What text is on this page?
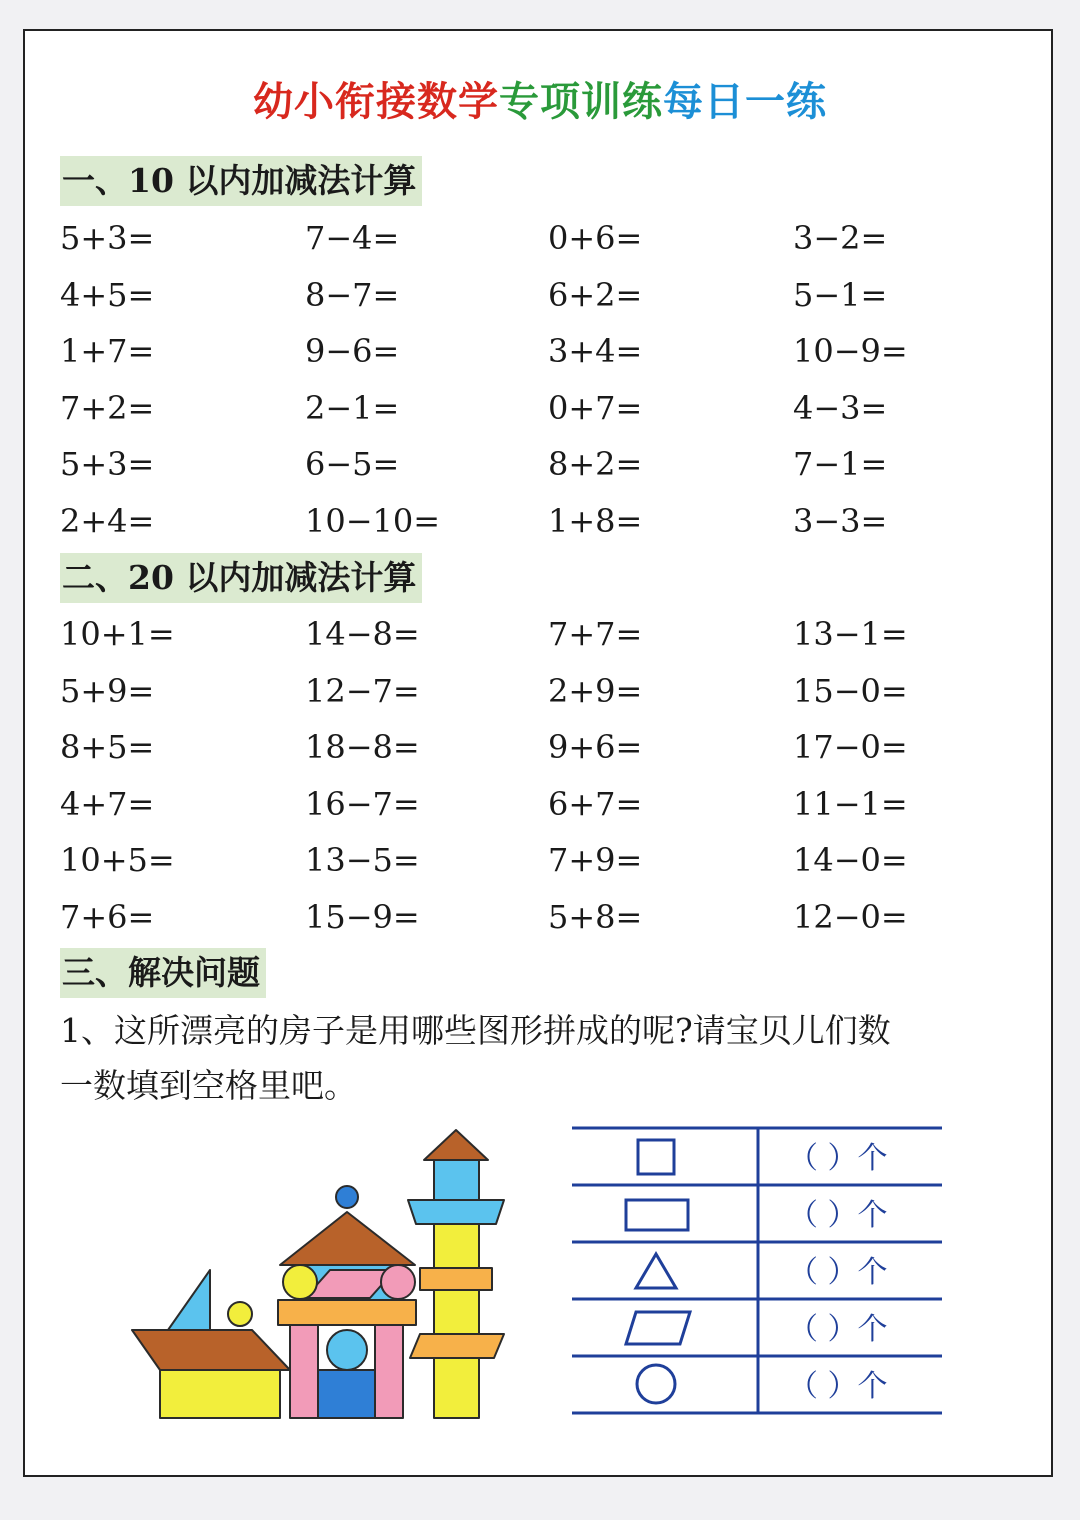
幼小衔接数学专项训练每日一练
一、10 以内加减法计算
5+3=	7−4=	0+6=	3−2=
4+5=	8−7=	6+2=	5−1=
1+7=	9−6=	3+4=	10−9=
7+2=	2−1=	0+7=	4−3=
5+3=	6−5=	8+2=	7−1=
2+4=	10−10=	1+8=	3−3=
二、20 以内加减法计算
10+1=	14−8=	7+7=	13−1=
5+9=	12−7=	2+9=	15−0=
8+5=	18−8=	9+6=	17−0=
4+7=	16−7=	6+7=	11−1=
10+5=	13−5=	7+9=	14−0=
7+6=	15−9=	5+8=	12−0=
三、解决问题
1、这所漂亮的房子是用哪些图形拼成的呢?请宝贝儿们数
一数填到空格里吧。
（ ）个
（ ）个
（ ）个
（ ）个
（ ）个
